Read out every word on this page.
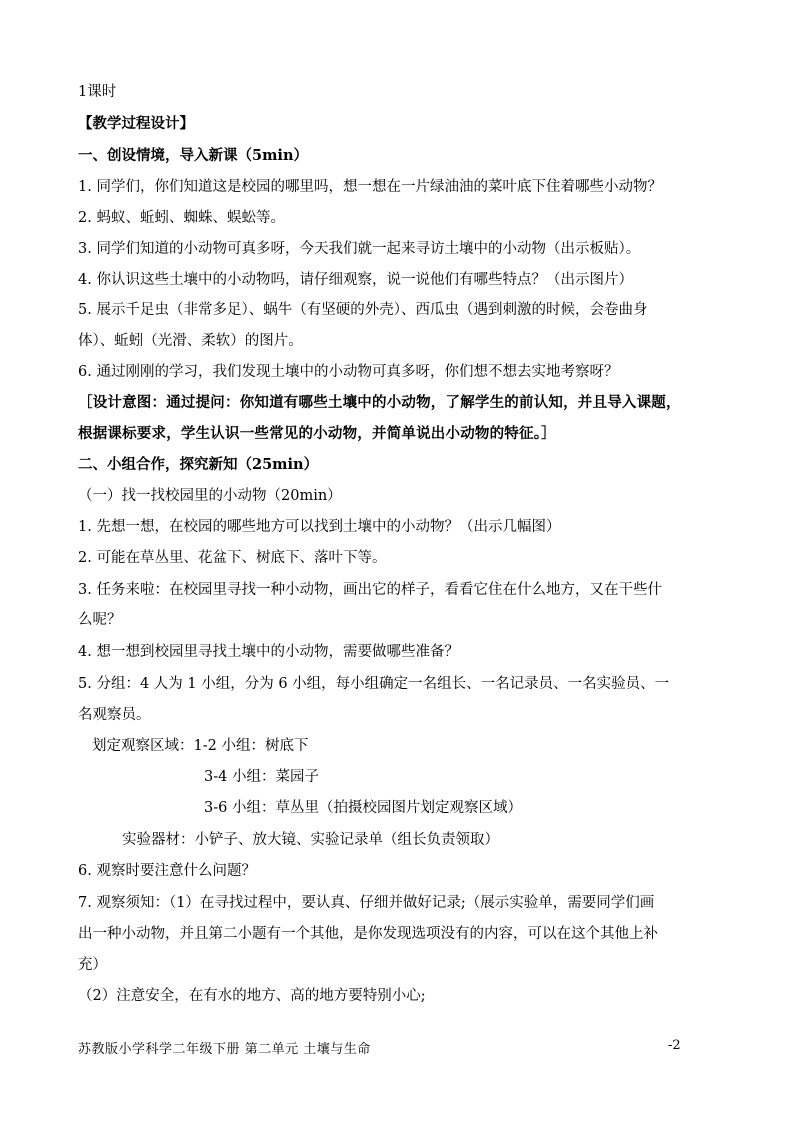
1课时
【教学过程设计】
一、创设情境，导入新课（5min）
1. 同学们，你们知道这是校园的哪里吗，想一想在一片绿油油的菜叶底下住着哪些小动物？
2. 蚂蚁、蚯蚓、蜘蛛、蜈蚣等。
3. 同学们知道的小动物可真多呀，今天我们就一起来寻访土壤中的小动物（出示板贴）。
4. 你认识这些土壤中的小动物吗，请仔细观察，说一说他们有哪些特点？（出示图片）
5. 展示千足虫（非常多足）、蜗牛（有坚硬的外壳）、西瓜虫（遇到刺激的时候，会卷曲身
体）、蚯蚓（光滑、柔软）的图片。
6. 通过刚刚的学习，我们发现土壤中的小动物可真多呀，你们想不想去实地考察呀？
［设计意图：通过提问：你知道有哪些土壤中的小动物，了解学生的前认知，并且导入课题，
根据课标要求，学生认识一些常见的小动物，并简单说出小动物的特征。］
二、小组合作，探究新知（25min）
（一）找一找校园里的小动物（20min）
1. 先想一想，在校园的哪些地方可以找到土壤中的小动物？（出示几幅图）
2. 可能在草丛里、花盆下、树底下、落叶下等。
3. 任务来啦：在校园里寻找一种小动物，画出它的样子，看看它住在什么地方，又在干些什
么呢？
4. 想一想到校园里寻找土壤中的小动物，需要做哪些准备？
5. 分组：4 人为 1 小组，分为 6 小组，每小组确定一名组长、一名记录员、一名实验员、一
名观察员。
划定观察区域：1-2 小组：树底下
3-4 小组：菜园子
3-6 小组：草丛里（拍摄校园图片划定观察区域）
实验器材：小铲子、放大镜、实验记录单（组长负责领取）
6. 观察时要注意什么问题？
7. 观察须知：（1）在寻找过程中，要认真、仔细并做好记录;（展示实验单，需要同学们画
出一种小动物，并且第二小题有一个其他，是你发现选项没有的内容，可以在这个其他上补
充）
（2）注意安全，在有水的地方、高的地方要特别小心;
苏教版小学科学二年级下册 第二单元 土壤与生命	-2
